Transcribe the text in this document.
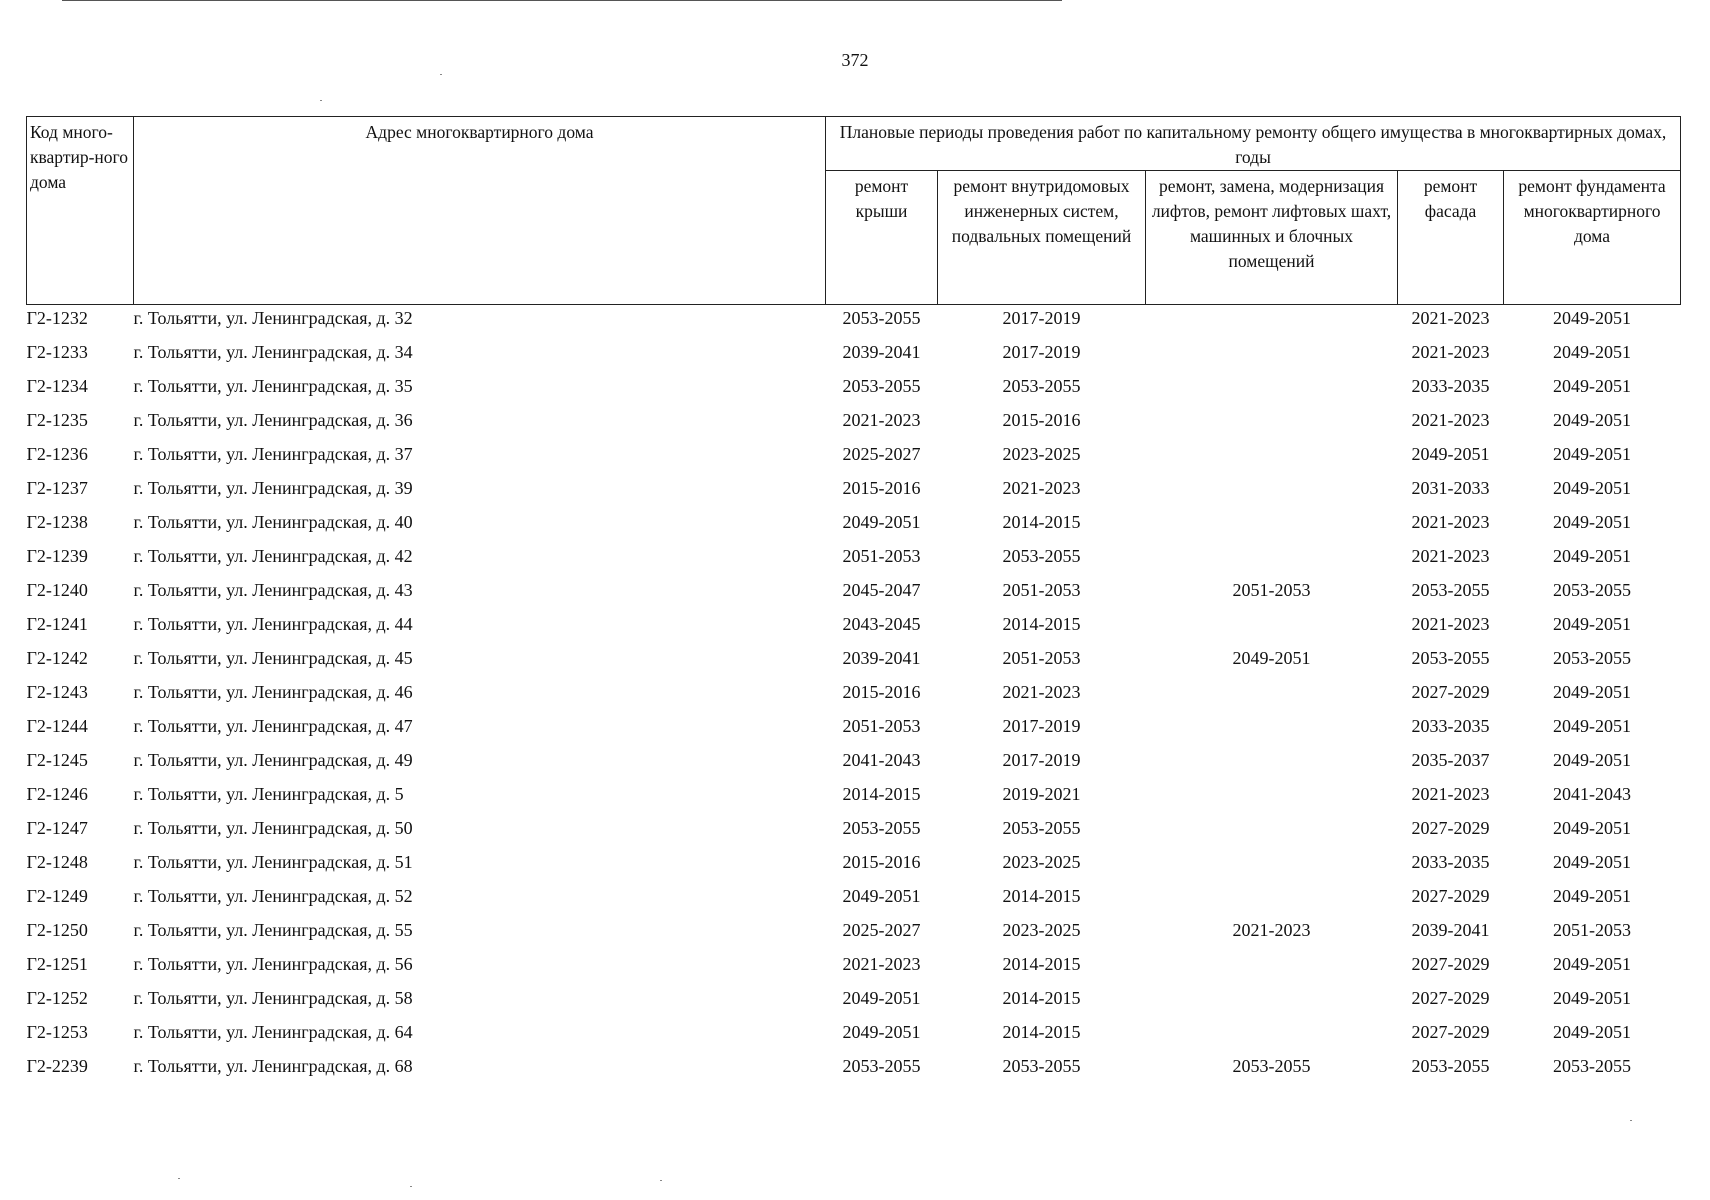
372
Код много-квартир-ного дома	Адрес многоквартирного дома	Плановые периоды проведения работ по капитальному ремонту общего имущества в многоквартирных домах, годы				
		ремонт крыши	ремонт внутридомовых инженерных систем, подвальных помещений	ремонт, замена, модернизация лифтов, ремонт лифтовых шахт, машинных и блочных помещений	ремонт фасада	ремонт фундамента многоквартирного дома
Г2-1232	г. Тольятти, ул. Ленинградская, д. 32	2053-2055	2017-2019		2021-2023	2049-2051
Г2-1233	г. Тольятти, ул. Ленинградская, д. 34	2039-2041	2017-2019		2021-2023	2049-2051
Г2-1234	г. Тольятти, ул. Ленинградская, д. 35	2053-2055	2053-2055		2033-2035	2049-2051
Г2-1235	г. Тольятти, ул. Ленинградская, д. 36	2021-2023	2015-2016		2021-2023	2049-2051
Г2-1236	г. Тольятти, ул. Ленинградская, д. 37	2025-2027	2023-2025		2049-2051	2049-2051
Г2-1237	г. Тольятти, ул. Ленинградская, д. 39	2015-2016	2021-2023		2031-2033	2049-2051
Г2-1238	г. Тольятти, ул. Ленинградская, д. 40	2049-2051	2014-2015		2021-2023	2049-2051
Г2-1239	г. Тольятти, ул. Ленинградская, д. 42	2051-2053	2053-2055		2021-2023	2049-2051
Г2-1240	г. Тольятти, ул. Ленинградская, д. 43	2045-2047	2051-2053	2051-2053	2053-2055	2053-2055
Г2-1241	г. Тольятти, ул. Ленинградская, д. 44	2043-2045	2014-2015		2021-2023	2049-2051
Г2-1242	г. Тольятти, ул. Ленинградская, д. 45	2039-2041	2051-2053	2049-2051	2053-2055	2053-2055
Г2-1243	г. Тольятти, ул. Ленинградская, д. 46	2015-2016	2021-2023		2027-2029	2049-2051
Г2-1244	г. Тольятти, ул. Ленинградская, д. 47	2051-2053	2017-2019		2033-2035	2049-2051
Г2-1245	г. Тольятти, ул. Ленинградская, д. 49	2041-2043	2017-2019		2035-2037	2049-2051
Г2-1246	г. Тольятти, ул. Ленинградская, д. 5	2014-2015	2019-2021		2021-2023	2041-2043
Г2-1247	г. Тольятти, ул. Ленинградская, д. 50	2053-2055	2053-2055		2027-2029	2049-2051
Г2-1248	г. Тольятти, ул. Ленинградская, д. 51	2015-2016	2023-2025		2033-2035	2049-2051
Г2-1249	г. Тольятти, ул. Ленинградская, д. 52	2049-2051	2014-2015		2027-2029	2049-2051
Г2-1250	г. Тольятти, ул. Ленинградская, д. 55	2025-2027	2023-2025	2021-2023	2039-2041	2051-2053
Г2-1251	г. Тольятти, ул. Ленинградская, д. 56	2021-2023	2014-2015		2027-2029	2049-2051
Г2-1252	г. Тольятти, ул. Ленинградская, д. 58	2049-2051	2014-2015		2027-2029	2049-2051
Г2-1253	г. Тольятти, ул. Ленинградская, д. 64	2049-2051	2014-2015		2027-2029	2049-2051
Г2-2239	г. Тольятти, ул. Ленинградская, д. 68	2053-2055	2053-2055	2053-2055	2053-2055	2053-2055
